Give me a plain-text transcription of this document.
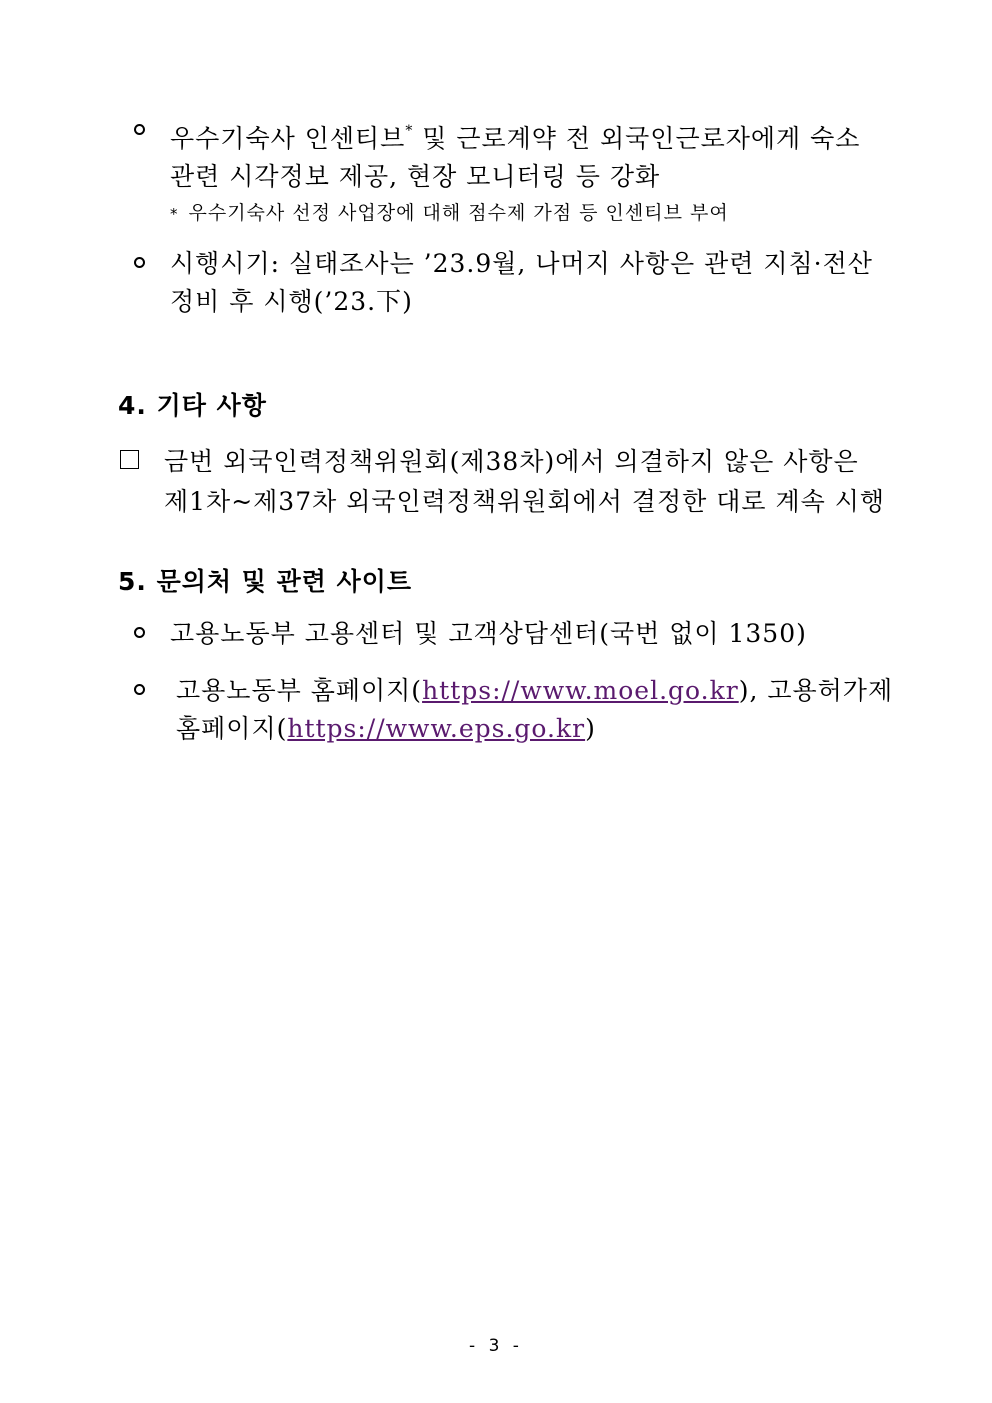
우수기숙사 인센티브* 및 근로계약 전 외국인근로자에게 숙소
관련 시각정보 제공, 현장 모니터링 등 강화
* 우수기숙사 선정 사업장에 대해 점수제 가점 등 인센티브 부여
시행시기: 실태조사는 ’23.9월, 나머지 사항은 관련 지침·전산
정비 후 시행(’23.下)
4. 기타 사항
금번 외국인력정책위원회(제38차)에서 의결하지 않은 사항은
제1차~제37차 외국인력정책위원회에서 결정한 대로 계속 시행
5. 문의처 및 관련 사이트
고용노동부 고용센터 및 고객상담센터(국번 없이 1350)
고용노동부 홈페이지(https://www.moel.go.kr), 고용허가제
홈페이지(https://www.eps.go.kr)
- 3 -
